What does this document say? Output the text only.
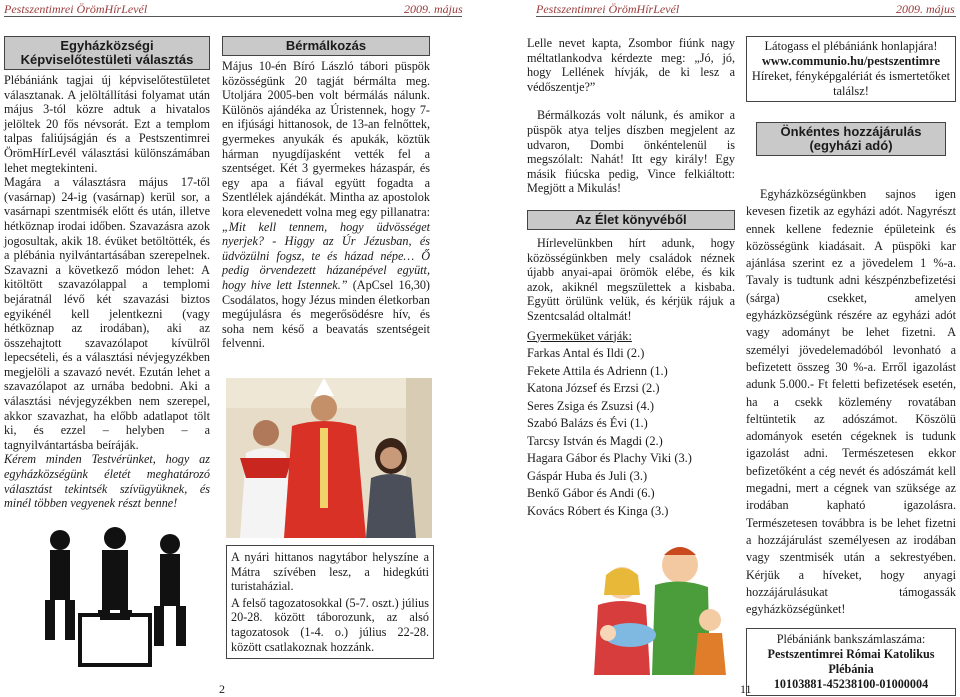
Pestszentimrei ÖrömHírLevél	2009. május	Pestszentimrei ÖrömHírLevél	2009. május
Egyházközségi Képviselőtestületi választás

Plébániánk tagjai új képviselőtestületet választanak. A jelöltállítási folyamat után május 3-tól közre adtuk a hivatalos jelöltek 20 fős névsorát. Ezt a templom talpas faliújságján és a Pestszentimrei ÖrömHírLevél választási különszámában lehet megtekinteni.

Magára a választásra május 17-től (vasárnap) 24-ig (vasárnap) kerül sor, a vasárnapi szentmisék előtt és után, illetve hétköznap irodai időben. Szavazásra azok jogosultak, akik 18. évüket betöltötték, és a plébánia nyilvántartásában szerepelnek. Szavazni a következő módon lehet: A kitöltött szavazólappal a templomi bejáratnál lévő két szavazási biztos egyikénél kell jelentkezni (vagy hétköznap az irodában), aki az összehajtott szavazólapot kívülről lepecsételi, és a választási névjegyzékben megjelöli a szavazó nevét. Ezután lehet a szavazólapot az urnába bedobni. Aki a választási névjegyzékben nem szerepel, akkor szavazhat, ha előbb adatlapot tölt ki, és ezzel – helyben – a tagnyilvántartásba beíráják.

Kérem minden Testvérünket, hogy az egyházközségünk életét meghatározó választást tekintsék szívügyüknek, és minél többen vegyenek részt benne!

Bérmálkozás

Május 10-én Bíró László tábori püspök közösségünk 20 tagját bérmálta meg. Utoljára 2005-ben volt bérmálás nálunk. Különös ajándéka az Úristennek, hogy 7-en ifjúsági hittanosok, de 13-an felnőttek, gyermekes anyukák és apukák, köztük hárman nyugdíjasként vették fel a szentséget. Két 3 gyermekes házaspár, és egy apa a fiával együtt fogadta a Szentlélek ajándékát. Mintha az apostolok kora elevenedett volna meg egy pillanatra: „Mit kell tennem, hogy üdvösséget nyerjek? - Higgy az Úr Jézusban, és üdvözülni fogsz, te és házad népe… Ő pedig örvendezett házanépével együtt, hogy hive lett Istennek.” (ApCsel 16,30) Csodálatos, hogy Jézus minden életkorban megújulásra és megerősödésre hív, és soha nem késő a beavatás szentségeit felvenni.

A nyári hittanos nagytábor helyszíne a Mátra szívében lesz, a hidegkúti turistaházial.

A felső tagozatosokkal (5-7. oszt.) július 20-28. között táborozunk, az alsó tagozatosok (1-4. o.) július 22-28. között csatlakoznak hozzánk.

Lelle nevet kapta, Zsombor fiúnk nagy méltatlankodva kérdezte meg: „Jó, jó, hogy Lellének hívják, de ki lesz a védőszentje?”

Bérmálkozás volt nálunk, és amikor a püspök atya teljes díszben megjelent az udvaron, Dombi önkéntelenül is megszólalt: Nahát! Itt egy király! Egy másik fiúcska pedig, Vince felkiáltott: Megjött a Mikulás!

Az Élet könyvéből

Hírlevelünkben hírt adunk, hogy közösségünkben mely családok néznek újabb anyai-apai örömök elébe, és kik azok, akiknél megszülettek a kisbaba. Együtt örülünk velük, és kérjük rájuk a Szentcsalád oltalmát!

Gyermeküket várják:

Farkas Antal és Ildi (2.)

Fekete Attila és Adrienn (1.)

Katona József és Erzsi (2.)

Seres Zsiga és Zsuzsi (4.)

Szabó Balázs és Évi (1.)

Tarcsy István és Magdi (2.)

Hagara Gábor és Plachy Viki (3.)

Gáspár Huba és Juli (3.)

Benkő Gábor és Andi (6.)

Kovács Róbert és Kinga (3.)

Látogass el plébániánk honlapjára!

www.communio.hu/pestszentimre

Híreket, fényképgalériát és ismertetőket találsz!

Önkéntes hozzájárulás (egyházi adó)

Egyházközségünkben sajnos igen kevesen fizetik az egyházi adót. Nagyrészt ennek kellene fedeznie épületeink és közösségünk kiadásait. A püspöki kar ajánlása szerint ez a jövedelem 1 %-a. Tavaly is tudtunk adni készpénzbefizetési (sárga) csekket, amelyen egyházközségünk részére az egyházi adót vagy adományt be lehet fizetni. A személyi jövedelemadóból levonható a befizetett összeg 30 %-a. Erről igazolást adunk 5.000.- Ft feletti befizetések esetén, ha a csekk közlemény rovatában feltüntetik az adószámot. Köszölü adományok esetén cégeknek is tudunk igazolást adni. Természetesen ekkor befizetőként a cég nevét és adószámát kell megadni, mert a cégnek van szüksége az irodában kapható igazolásra. Természetesen továbbra is be lehet fizetni a hozzájárulást személyesen az irodában vagy szentmisék után a sekrestyében. Kérjük a híveket, hogy anyagi hozzájárulásukat támogassák egyházközségünket!

Plébániánk bankszámlaszáma:

Pestszentimrei Római Katolikus Plébánia

10103881-45238100-01000004

2	11
